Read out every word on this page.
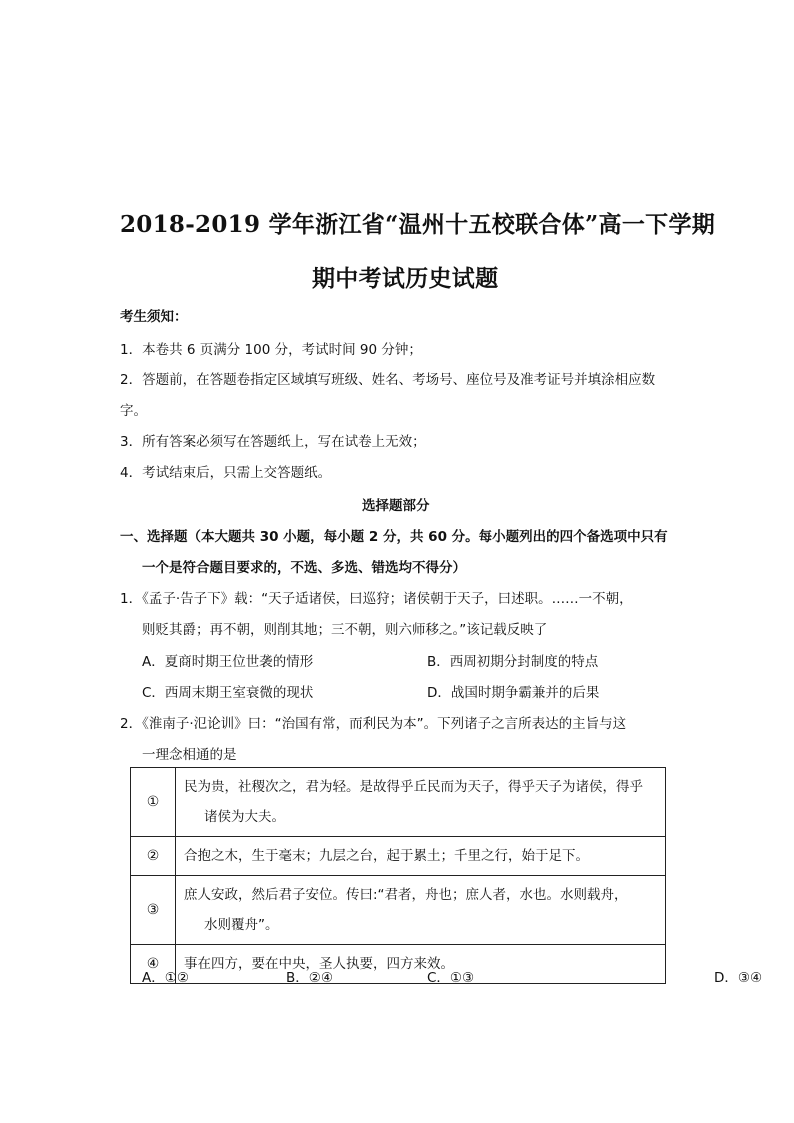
2018-2019 学年浙江省“温州十五校联合体”高一下学期
期中考试历史试题
考生须知：
1．本卷共 6 页满分 100 分，考试时间 90 分钟；
2．答题前，在答题卷指定区域填写班级、姓名、考场号、座位号及准考证号并填涂相应数
字。
3．所有答案必须写在答题纸上，写在试卷上无效；
4．考试结束后，只需上交答题纸。
选择题部分
一、选择题（本大题共 30 小题，每小题 2 分，共 60 分。每小题列出的四个备选项中只有
一个是符合题目要求的，不选、多选、错选均不得分）
1．《孟子·告子下》载：“天子适诸侯，曰巡狩；诸侯朝于天子，曰述职。……一不朝，
则贬其爵；再不朝，则削其地；三不朝，则六师移之。”该记载反映了
A．夏商时期王位世袭的情形	B．西周初期分封制度的特点
C．西周末期王室衰微的现状	D．战国时期争霸兼并的后果
2．《淮南子·氾论训》曰：“治国有常，而利民为本”。下列诸子之言所表达的主旨与这
一理念相通的是
①	民为贵，社稷次之，君为轻。是故得乎丘民而为天子，得乎天子为诸侯，得乎
诸侯为大夫。

②	合抱之木，生于毫末；九层之台，起于累土；千里之行，始于足下。

③	庶人安政，然后君子安位。传曰:“君者，舟也；庶人者，水也。水则载舟，
水则覆舟”。

④	事在四方，要在中央，圣人执要，四方来效。
A．①②	B．②④	C．①③	D．③④
